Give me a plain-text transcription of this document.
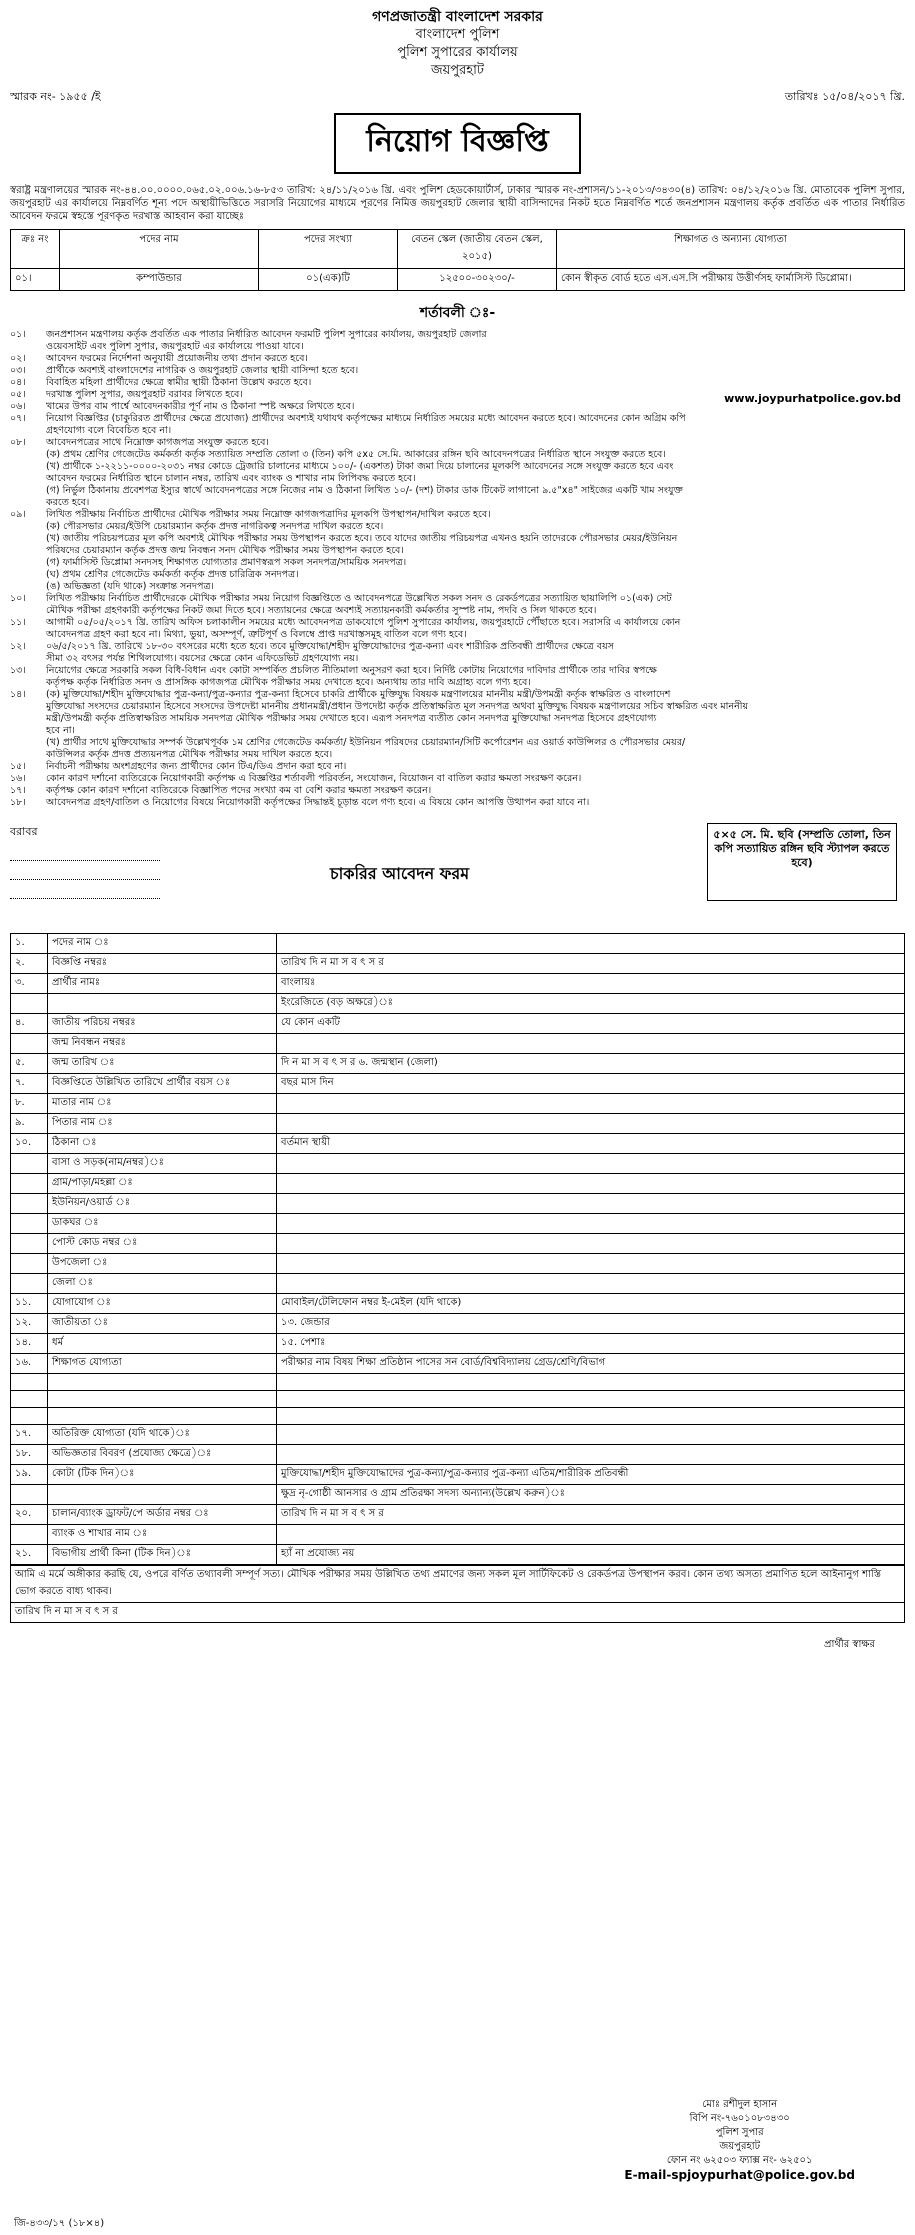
গণপ্রজাতন্ত্রী বাংলাদেশ সরকার
বাংলাদেশ পুলিশ
পুলিশ সুপারের কার্যালয়
জয়পুরহাট
স্মারক নং- ১৯৫৫ /ই	তারিখঃ ১৫/০৪/২০১৭ খ্রি.
নিয়োগ বিজ্ঞপ্তি
স্বরাষ্ট্র মন্ত্রণালয়ের স্মারক নং-৪৪.০০.০০০০.০৬৫.০২.০০৬.১৬-৮৫৩ তারিখ: ২৪/১১/২০১৬ খ্রি. এবং পুলিশ হেডকোয়ার্টার্স, ঢাকার স্মারক নং-প্রশাসন/১১-২০১৩/৩৪৩০(৪) তারিখ: ০৪/১২/২০১৬ খ্রি. মোতাবেক পুলিশ সুপার, জয়পুরহাট এর কার্যালয়ে নিম্নবর্ণিত শূন্য পদে অস্থায়ীভিত্তিতে সরাসরি নিয়োগের মাধ্যমে পূরণের নিমিত্ত জয়পুরহাট জেলার স্থায়ী বাসিন্দাদের নিকট হতে নিম্নবর্ণিত শর্তে জনপ্রশাসন মন্ত্রণালয় কর্তৃক প্রবর্তিত এক পাতার নির্ধারিত আবেদন ফরমে স্বহস্তে পূরণকৃত দরখাস্ত আহবান করা যাচ্ছেঃ
ক্রঃ নং	পদের নাম	পদের সংখ্যা	বেতন স্কেল (জাতীয় বেতন স্কেল, ২০১৫)	শিক্ষাগত ও অন্যান্য যোগ্যতা
০১।	কম্পাউন্ডার	০১(এক)টি	১২৫০০-৩০২৩০/-	কোন স্বীকৃত বোর্ড হতে এস.এস.সি পরীক্ষায় উত্তীর্ণসহ ফার্মাসিস্ট ডিপ্লোমা।
শর্তাবলী ঃ-
www.joypurhatpolice.gov.bd
০১।	জনপ্রশাসন মন্ত্রণালয় কর্তৃক প্রবর্তিত এক পাতার নির্ধারিত আবেদন ফরমটি পুলিশ সুপারের কার্যালয়, জয়পুরহাট জেলার
ওয়েবসাইট এবং পুলিশ সুপার, জয়পুরহাট এর কার্যালয়ে পাওয়া যাবে।
০২।	আবেদন ফরমের নির্দেশনা অনুযায়ী প্রয়োজনীয় তথ্য প্রদান করতে হবে।
০৩।	প্রার্থীকে অবশ্যই বাংলাদেশের নাগরিক ও জয়পুরহাট জেলার স্থায়ী বাসিন্দা হতে হবে।
০৪।	বিবাহিত মহিলা প্রার্থীদের ক্ষেত্রে স্বামীর স্থায়ী ঠিকানা উল্লেখ করতে হবে।
০৫।	দরখাস্ত পুলিশ সুপার, জয়পুরহাট বরাবর লিখতে হবে।
০৬।	খামের উপর বাম পার্শ্বে আবেদনকারীর পূর্ণ নাম ও ঠিকানা স্পষ্ট অক্ষরে লিখতে হবে।
০৭।	নিয়োগ বিজ্ঞপ্তির (চাকুরিরত প্রার্থীদের ক্ষেত্রে প্রযোজ্য) প্রার্থীদের অবশ্যই যথাযথ কর্তৃপক্ষের মাধ্যমে নির্ধারিত সময়ের মধ্যে আবেদন করতে হবে। আবেদনের কোন অগ্রিম কপি
গ্রহণযোগ্য বলে বিবেচিত হবে না।
০৮।	আবেদনপত্রের সাথে নিম্নোক্ত কাগজপত্র সংযুক্ত করতে হবে।
(ক) প্রথম শ্রেণির গেজেটেড কর্মকর্তা কর্তৃক সত্যায়িত সম্প্রতি তোলা ৩ (তিন) কপি ৫x৫ সে.মি. আকারের রঙ্গিন ছবি আবেদনপত্রের নির্ধারিত স্থানে সংযুক্ত করতে হবে।
(খ) প্রার্থীকে ১-২২১১-০০০০-২০৩১ নম্বর কোডে ট্রেজারি চালানের মাধ্যমে ১০০/- (একশত) টাকা জমা দিয়ে চালানের মূলকপি আবেদনের সঙ্গে সংযুক্ত করতে হবে এবং
আবেদন ফরমের নির্ধারিত স্থানে চালান নম্বর, তারিখ এবং ব্যাংক ও শাখার নাম লিপিবদ্ধ করতে হবে।
(গ) নির্ভুল ঠিকানায় প্রবেশপত্র ইস্যুর স্বার্থে আবেদনপত্রের সঙ্গে নিজের নাম ও ঠিকানা লিখিত ১০/- (দশ) টাকার ডাক টিকেট লাগানো ৯.৫"x৪" সাইজের একটি খাম সংযুক্ত
করতে হবে।
০৯।	লিখিত পরীক্ষায় নির্বাচিত প্রার্থীদের মৌখিক পরীক্ষার সময় নিম্নোক্ত কাগজপত্রাদির মূলকপি উপস্থাপন/দাখিল করতে হবে।
(ক) পৌরসভার মেয়র/ইউপি চেয়ারম্যান কর্তৃক প্রদত্ত নাগরিকত্ব সনদপত্র দাখিল করতে হবে।
(খ) জাতীয় পরিচয়পত্রের মূল কপি অবশ্যই মৌখিক পরীক্ষার সময় উপস্থাপন করতে হবে। তবে যাদের জাতীয় পরিচয়পত্র এখনও হয়নি তাদেরকে পৌরসভার মেয়র/ইউনিয়ন
পরিষদের চেয়ারম্যান কর্তৃক প্রদত্ত জন্ম নিবন্ধন সনদ মৌখিক পরীক্ষার সময় উপস্থাপন করতে হবে।
(গ) ফার্মাসিস্ট ডিপ্লোমা সনদসহ শিক্ষাগত যোগ্যতার প্রমাণস্বরূপ সকল সনদপত্র/সাময়িক সনদপত্র।
(ঘ) প্রথম শ্রেণির গেজেটেড কর্মকর্তা কর্তৃক প্রদত্ত চারিত্রিক সনদপত্র।
(ঙ) অভিজ্ঞতা (যদি থাকে) সংক্রান্ত সনদপত্র।
১০।	লিখিত পরীক্ষায় নির্বাচিত প্রার্থীদেরকে মৌখিক পরীক্ষার সময় নিয়োগ বিজ্ঞপ্তিতে ও আবেদনপত্রে উল্লেখিত সকল সনদ ও রেকর্ডপত্রের সত্যায়িত ছায়ালিপি ০১(এক) সেট
মৌখিক পরীক্ষা গ্রহণকারী কর্তৃপক্ষের নিকট জমা দিতে হবে। সত্যায়নের ক্ষেত্রে অবশ্যই সত্যায়নকারী কর্মকর্তার সুস্পষ্ট নাম, পদবি ও সিল থাকতে হবে।
১১।	আগামী ০৫/০৫/২০১৭ খ্রি. তারিখ অফিস চলাকালীন সময়ের মধ্যে আবেদনপত্র ডাকযোগে পুলিশ সুপারের কার্যালয়, জয়পুরহাটে পৌঁছাতে হবে। সরাসরি এ কার্যালয়ে কোন
আবেদনপত্র গ্রহণ করা হবে না। মিথ্যা, ভুয়া, অসম্পূর্ণ, ত্রুটিপূর্ণ ও বিলম্বে প্রাপ্ত দরখাস্তসমূহ বাতিল বলে গণ্য হবে।
১২।	০৬/৫/২০১৭ খ্রি. তারিখে ১৮-৩০ বৎসরের মধ্যে হতে হবে। তবে মুক্তিযোদ্ধা/শহীদ মুক্তিযোদ্ধাদের পুত্র-কন্যা এবং শারীরিক প্রতিবন্ধী প্রার্থীদের ক্ষেত্রে বয়স
সীমা ৩২ বৎসর পর্যন্ত শিথিলযোগ্য। বয়সের ক্ষেত্রে কোন এফিডেভিট গ্রহণযোগ্য নয়।
১৩।	নিয়োগের ক্ষেত্রে সরকারি সকল বিধি-বিধান এবং কোটা সম্পর্কিত প্রচলিত নীতিমালা অনুসরণ করা হবে। নির্দিষ্ট কোটায় নিয়োগের দাবিদার প্রার্থীকে তার দাবির স্বপক্ষে
কর্তৃপক্ষ কর্তৃক নির্ধারিত সনদ ও প্রাসঙ্গিক কাগজপত্র মৌখিক পরীক্ষার সময় দেখাতে হবে। অন্যথায় তার দাবি অগ্রাহ্য বলে গণ্য হবে।
১৪।	(ক) মুক্তিযোদ্ধা/শহীদ মুক্তিযোদ্ধার পুত্র-কন্যা/পুত্র-কন্যার পুত্র-কন্যা হিসেবে চাকরি প্রার্থীকে মুক্তিযুদ্ধ বিষয়ক মন্ত্রণালয়ের মাননীয় মন্ত্রী/উপমন্ত্রী কর্তৃক স্বাক্ষরিত ও বাংলাদেশ
মুক্তিযোদ্ধা সংসদের চেয়ারম্যান হিসেবে সংসদের উপদেষ্টা মাননীয় প্রধানমন্ত্রী/প্রধান উপদেষ্টা কর্তৃক প্রতিস্বাক্ষরিত মূল সনদপত্র অথবা মুক্তিযুদ্ধ বিষয়ক মন্ত্রণালয়ের সচিব স্বাক্ষরিত এবং মাননীয়
মন্ত্রী/উপমন্ত্রী কর্তৃক প্রতিস্বাক্ষরিত সাময়িক সনদপত্র মৌখিক পরীক্ষার সময় দেখাতে হবে। এরূপ সনদপত্র ব্যতীত কোন সনদপত্র মুক্তিযোদ্ধা সনদপত্র হিসেবে গ্রহণযোগ্য
হবে না।
(খ) প্রার্থীর সাথে মুক্তিযোদ্ধার সম্পর্ক উল্লেখপূর্বক ১ম শ্রেণির গেজেটেড কর্মকর্তা/ ইউনিয়ন পরিষদের চেয়ারম্যান/সিটি কর্পোরেশন এর ওয়ার্ড কাউন্সিলর ও পৌরসভার মেয়র/
কাউন্সিলর কর্তৃক প্রদত্ত প্রত্যয়নপত্র মৌখিক পরীক্ষার সময় দাখিল করতে হবে।
১৫।	নির্বাচনী পরীক্ষায় অংশগ্রহণের জন্য প্রার্থীদের কোন টিএ/ডিএ প্রদান করা হবে না।
১৬।	কোন কারণ দর্শানো ব্যতিরেকে নিয়োগকারী কর্তৃপক্ষ এ বিজ্ঞপ্তির শর্তাবলী পরিবর্তন, সংযোজন, বিয়োজন বা বাতিল করার ক্ষমতা সংরক্ষণ করেন।
১৭।	কর্তৃপক্ষ কোন কারণ দর্শানো ব্যতিরেকে বিজ্ঞাপিত পদের সংখ্যা কম বা বেশি করার ক্ষমতা সংরক্ষণ করেন।
১৮।	আবেদনপত্র গ্রহণ/বাতিল ও নিয়োগের বিষয়ে নিয়োগকারী কর্তৃপক্ষের সিদ্ধান্তই চূড়ান্ত বলে গণ্য হবে। এ বিষয়ে কোন আপত্তি উত্থাপন করা যাবে না।
বরাবর
চাকরির আবেদন ফরম
৫×৫ সে. মি. ছবি (সম্প্রতি তোলা, তিন কপি সত্যায়িত রঙ্গিন ছবি স্ট্যাপল করতে হবে)
১.	পদের নাম ঃ	
২.	বিজ্ঞপ্তি নম্বরঃ	তারিখ দি ন মা স ব ৎ স র
৩.	প্রার্থীর নামঃ	বাংলায়ঃ
		ইংরেজিতে (বড় অক্ষরে)ঃ
৪.	জাতীয় পরিচয় নম্বরঃ	যে কোন একটি
	জন্ম নিবন্ধন নম্বরঃ	
৫.	জন্ম তারিখ ঃ	দি ন মা স ব ৎ স র ৬. জন্মস্থান (জেলা)
৭.	বিজ্ঞপ্তিতে উল্লিখিত তারিখে প্রার্থীর বয়স ঃ	বছর মাস দিন
৮.	মাতার নাম ঃ	
৯.	পিতার নাম ঃ	
১০.	ঠিকানা ঃ	বর্তমান স্থায়ী
	বাসা ও সড়ক(নাম/নম্বর)ঃ	
	গ্রাম/পাড়া/মহল্লা ঃ	
	ইউনিয়ন/ওয়ার্ড ঃ	
	ডাকঘর ঃ	
	পোস্ট কোড নম্বর ঃ	
	উপজেলা ঃ	
	জেলা ঃ	
১১.	যোগাযোগ ঃ	মোবাইল/টেলিফোন নম্বর ই-মেইল (যদি থাকে)
১২.	জাতীয়তা ঃ	১৩. জেন্ডার
১৪.	ধর্ম	১৫. পেশাঃ
১৬.	শিক্ষাগত যোগ্যতা	পরীক্ষার নাম বিষয় শিক্ষা প্রতিষ্ঠান পাসের সন বোর্ড/বিশ্ববিদ্যালয় গ্রেড/শ্রেণি/বিভাগ

১৭.	অতিরিক্ত যোগ্যতা (যদি থাকে)ঃ	
১৮.	অভিজ্ঞতার বিবরণ (প্রযোজ্য ক্ষেত্রে)ঃ	
১৯.	কোটা (টিক দিন)ঃ	মুক্তিযোদ্ধা/শহীদ মুক্তিযোদ্ধাদের পুত্র-কন্যা/পুত্র-কন্যার পুত্র-কন্যা এতিম/শারীরিক প্রতিবন্ধী
		ক্ষুদ্র নৃ-গোষ্ঠী আনসার ও গ্রাম প্রতিরক্ষা সদস্য অন্যান্য(উল্লেখ করুন)ঃ
২০.	চালান/ব্যাংক ড্রাফট/পে অর্ডার নম্বর ঃ	তারিখ দি ন মা স ব ৎ স র
	ব্যাংক ও শাখার নাম ঃ	
২১.	বিভাগীয় প্রার্থী কিনা (টিক দিন)ঃ	হ্যাঁ না প্রযোজ্য নয়
আমি এ মর্মে অঙ্গীকার করছি যে, ওপরে বর্ণিত তথ্যাবলী সম্পূর্ণ সত্য। মৌখিক পরীক্ষার সময় উল্লিখিত তথ্য প্রমাণের জন্য সকল মূল সার্টিফিকেট ও রেকর্ডপত্র উপস্থাপন করব। কোন তথ্য অসত্য প্রমাণিত হলে আইনানুগ শাস্তি ভোগ করতে বাধ্য থাকব।
তারিখ দি ন মা স ব ৎ স র
প্রার্থীর স্বাক্ষর
মোঃ রশীদুল হাসান
বিপি নং-৭৬০১০৮৩৪৩০
পুলিশ সুপার
জয়পুরহাট
ফোন নং ৬২৫০৩ ফ্যাক্স নং- ৬২৫০১
E-mail-spjoypurhat@police.gov.bd
জি-৪৩৩/১৭ (১৮×৪)
